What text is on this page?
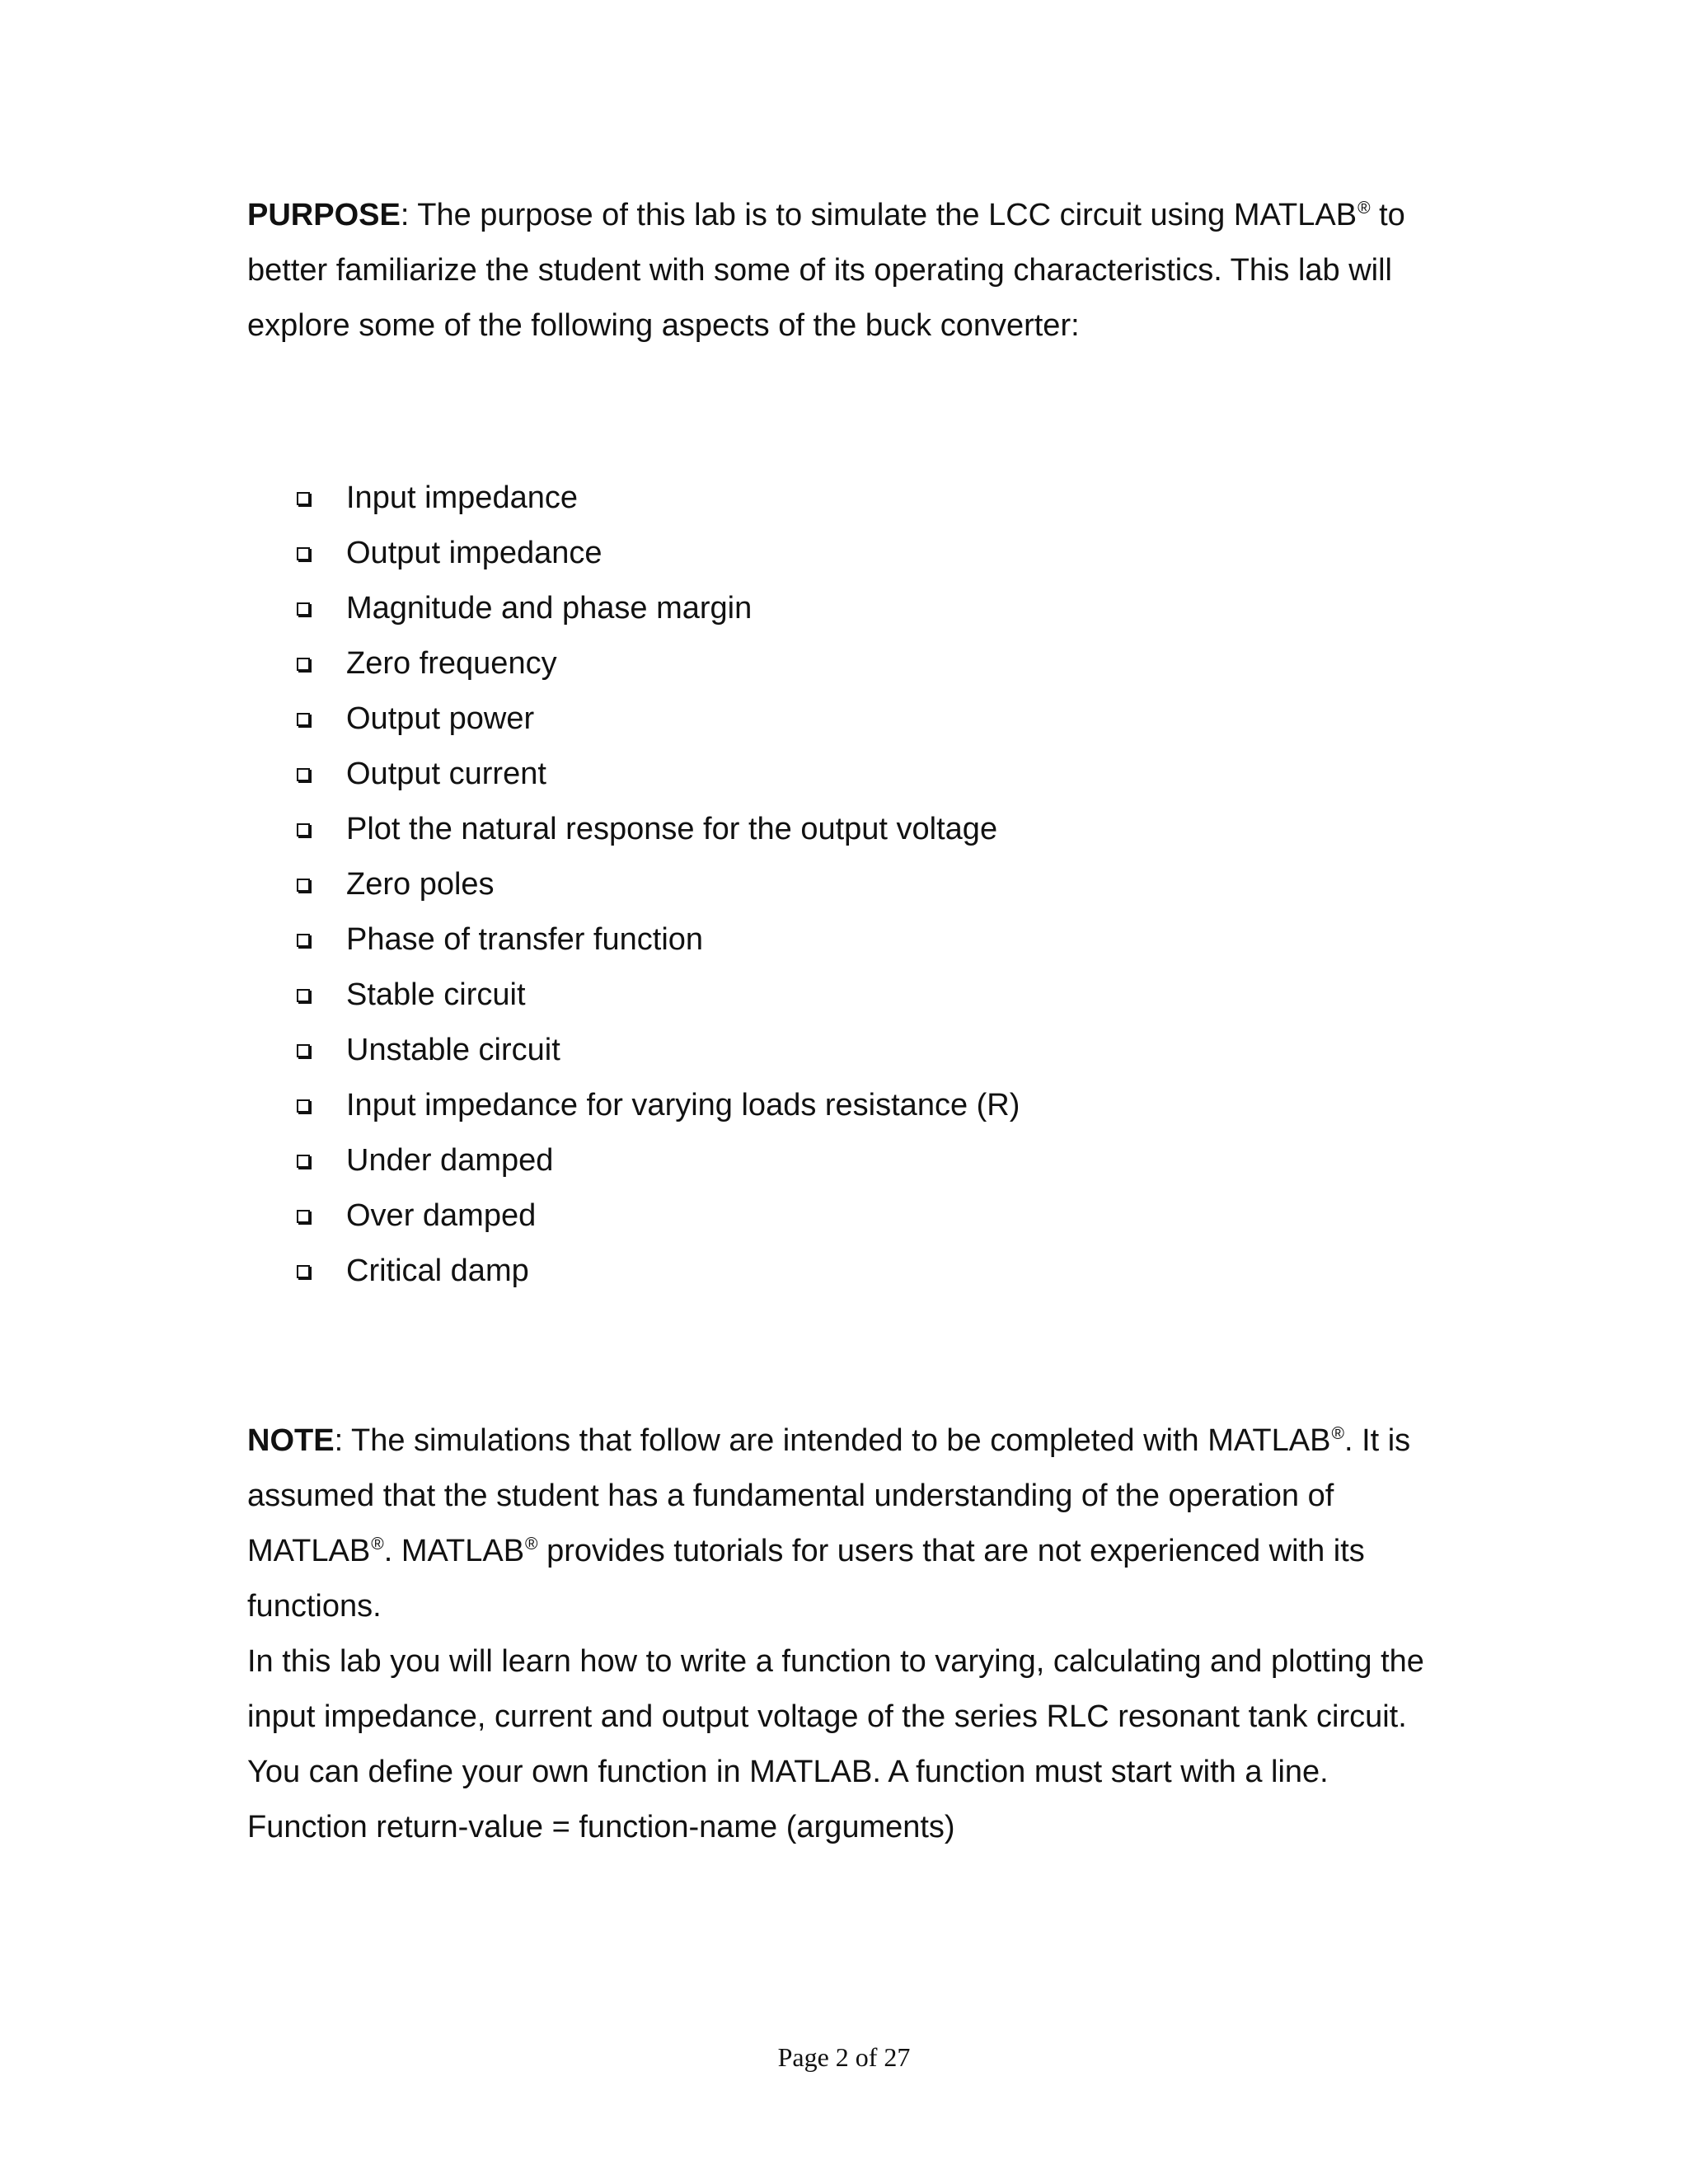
PURPOSE: The purpose of this lab is to simulate the LCC circuit using MATLAB® to better familiarize the student with some of its operating characteristics. This lab will explore some of the following aspects of the buck converter:

Input impedance
Output impedance
Magnitude and phase margin
Zero frequency
Output power
Output current
Plot the natural response for the output voltage
Zero poles
Phase of transfer function
Stable circuit
Unstable circuit
Input impedance for varying loads resistance (R)
Under damped
Over damped
Critical damp

NOTE: The simulations that follow are intended to be completed with MATLAB®. It is assumed that the student has a fundamental understanding of the operation of MATLAB®. MATLAB® provides tutorials for users that are not experienced with its functions.

In this lab you will learn how to write a function to varying, calculating and plotting the input impedance, current and output voltage of the series RLC resonant tank circuit. You can define your own function in MATLAB. A function must start with a line.

Function return-value = function-name (arguments)

Page 2 of 27
